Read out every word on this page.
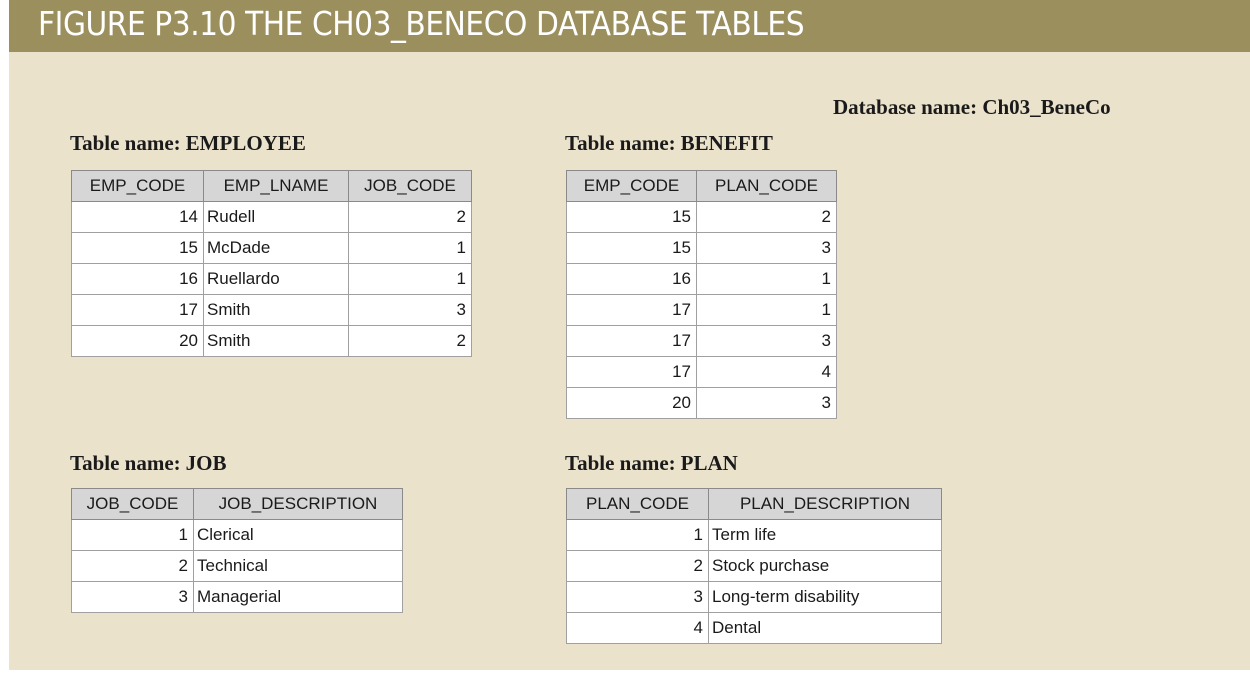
FIGURE P3.10 THE CH03_BENECO DATABASE TABLES
Database name: Ch03_BeneCo
Table name: EMPLOYEE
EMP_CODE	EMP_LNAME	JOB_CODE
14	Rudell	2
15	McDade	1
16	Ruellardo	1
17	Smith	3
20	Smith	2
Table name: BENEFIT
EMP_CODE	PLAN_CODE
15	2
15	3
16	1
17	1
17	3
17	4
20	3
Table name: JOB
JOB_CODE	JOB_DESCRIPTION
1	Clerical
2	Technical
3	Managerial
Table name: PLAN
PLAN_CODE	PLAN_DESCRIPTION
1	Term life
2	Stock purchase
3	Long-term disability
4	Dental
